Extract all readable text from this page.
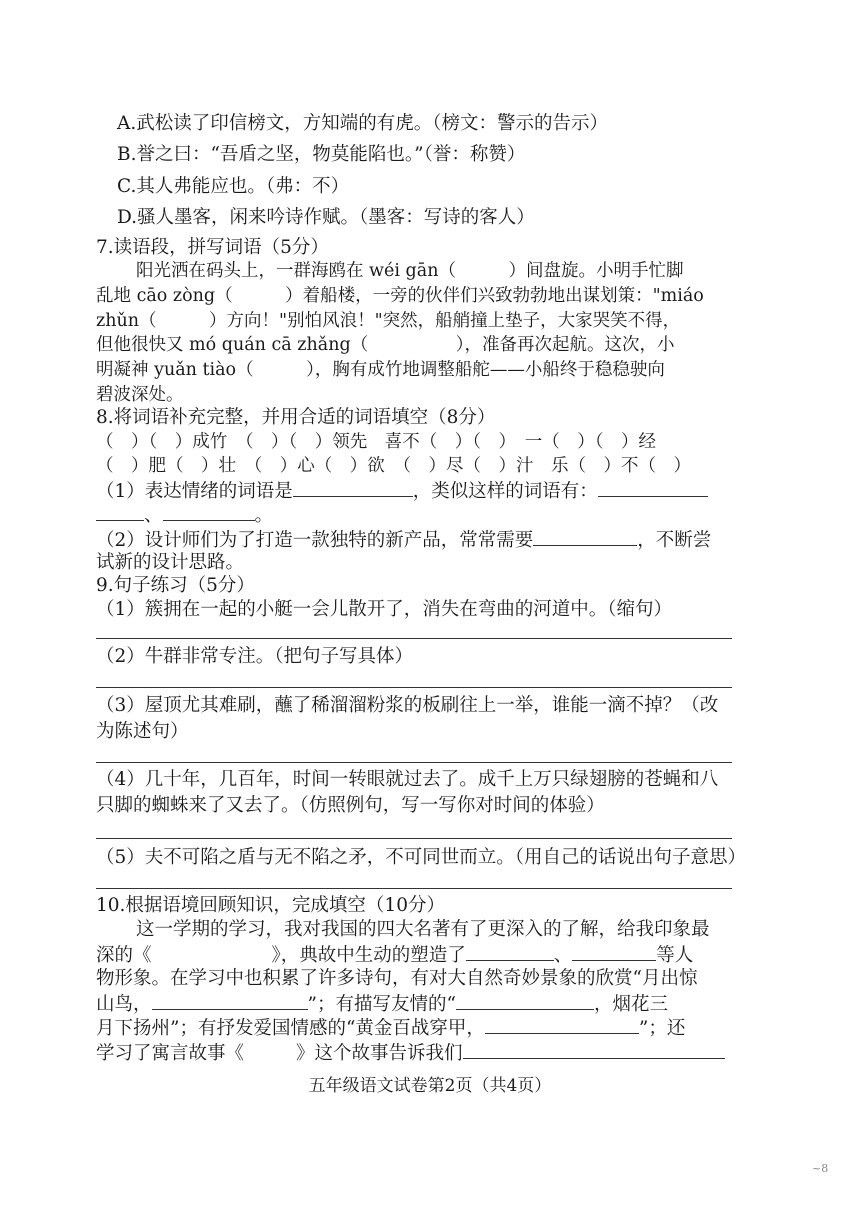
A.武松读了印信榜文，方知端的有虎。（榜文：警示的告示）
B.誉之曰：“吾盾之坚，物莫能陷也。”（誉：称赞）
C.其人弗能应也。（弗：不）
D.骚人墨客，闲来吟诗作赋。（墨客：写诗的客人）
7.读语段，拼写词语（5分）
阳光洒在码头上，一群海鸥在 wéi gān（　　　）间盘旋。小明手忙脚
乱地 cāo zòng（　　　）着船楼，一旁的伙伴们兴致勃勃地出谋划策："miáo
zhǔn（　　　）方向！"别怕风浪！"突然，船艄撞上垫子，大家哭笑不得，
但他很快又 mó quán cā zhǎng（　　　　　），准备再次起航。这次，小
明凝神 yuǎn tiào（　　　），胸有成竹地调整船舵——小船终于稳稳驶向
碧波深处。
8.将词语补充完整，并用合适的词语填空（8分）
（　）（　）成竹　（　）（　）领先　喜不（　）（　）　一（　）（　）经
（　）肥（　）壮　（　）心（　）欲　（　）尽（　）汁　乐（　）不（　）
（1）表达情绪的词语是	，类似这样的词语有：
、	。
（2）设计师们为了打造一款独特的新产品，常常需要	，不断尝
试新的设计思路。
9.句子练习（5分）
（1）簇拥在一起的小艇一会儿散开了，消失在弯曲的河道中。（缩句）
（2）牛群非常专注。（把句子写具体）
（3）屋顶尤其难刷，蘸了稀溜溜粉浆的板刷往上一举，谁能一滴不掉？（改
为陈述句）
（4）几十年，几百年，时间一转眼就过去了。成千上万只绿翅膀的苍蝇和八
只脚的蜘蛛来了又去了。（仿照例句，写一写你对时间的体验）
（5）夫不可陷之盾与无不陷之矛，不可同世而立。（用自己的话说出句子意思）
10.根据语境回顾知识，完成填空（10分）
这一学期的学习，我对我国的四大名著有了更深入的了解，给我印象最
深的《	》，典故中生动的塑造了	、	等人
物形象。在学习中也积累了许多诗句，有对大自然奇妙景象的欣赏“月出惊
山鸟，	”；有描写友情的“	，烟花三
月下扬州”；有抒发爱国情感的“黄金百战穿甲，	”；还
学习了寓言故事《	》这个故事告诉我们
五年级语文试卷第2页（共4页）
~8
